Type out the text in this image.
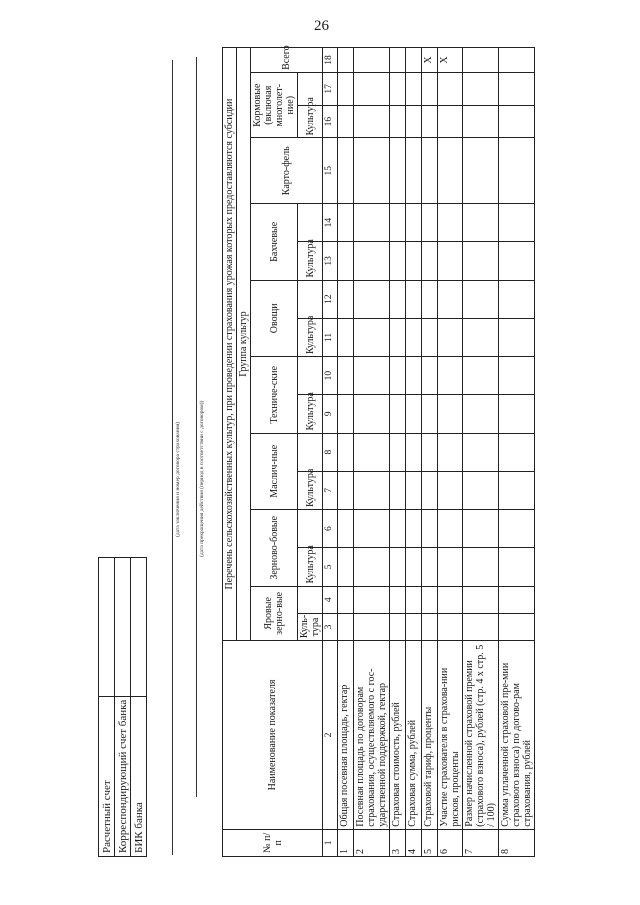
26
Расчетный счет	
Корреспондирующий счет банка	
БИК банка	
(дата заключения и номер договора страхования)	(дата прекращения действия (период в соответствии с договором))
№ п/п	Наименование показателя	Перечень сельскохозяйственных культур, при проведении страхования урожая которых предоставляются субсидии															
		Группа культур															
		Яровые зерно-вые		Зерново-бовые		Маслич-ные		Техниче-ские		Овощи		Бахчевые		Карто-фель	Кормовые (включая многолет-ние)		Всего
		Куль-тура		Культура		Культура		Культура		Культура		Культура			Культура		
1	2	3	4	5	6	7	8	9	10	11	12	13	14	15	16	17	18
1	Общая посевная площадь, гектар																
2	Посевная площадь по договорам страхования, осуществляемого с гос-ударственной поддержкой, гектар																
3	Страховая стоимость, рублей																
4	Страховая сумма, рублей																
5	Страховой тариф, проценты																X
6	Участие страхователя в страхова-нии рисков, проценты																X
7	Размер начисленной страховой премии (страхового взноса), рублей (стр. 4 x стр. 5 / 100)																
8	Сумма уплаченной страховой пре-мии страхового взноса) по догово-рам страхования, рублей																
